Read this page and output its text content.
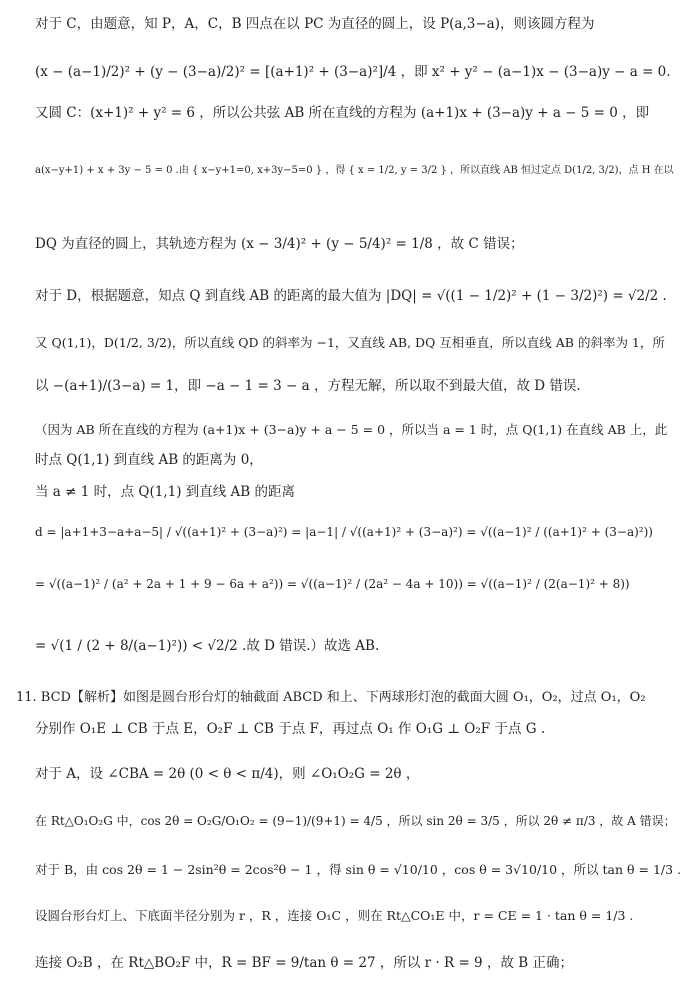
对于 C，由题意，知 P，A，C，B 四点在以 PC 为直径的圆上，设 P(a,3−a)，则该圆方程为
(x − (a−1)/2)² + (y − (3−a)/2)² = [(a+1)² + (3−a)²]/4 ，即 x² + y² − (a−1)x − (3−a)y − a = 0.
又圆 C：(x+1)² + y² = 6 ，所以公共弦 AB 所在直线的方程为 (a+1)x + (3−a)y + a − 5 = 0 ，即
a(x−y+1) + x + 3y − 5 = 0 .由 { x−y+1=0, x+3y−5=0 } ，得 { x = 1/2, y = 3/2 } ，所以直线 AB 恒过定点 D(1/2, 3/2)，点 H 在以
DQ 为直径的圆上，其轨迹方程为 (x − 3/4)² + (y − 5/4)² = 1/8 ，故 C 错误；
对于 D，根据题意，知点 Q 到直线 AB 的距离的最大值为 |DQ| = √((1 − 1/2)² + (1 − 3/2)²) = √2/2 .
又 Q(1,1)，D(1/2, 3/2)，所以直线 QD 的斜率为 −1，又直线 AB, DQ 互相垂直，所以直线 AB 的斜率为 1，所
以 −(a+1)/(3−a) = 1，即 −a − 1 = 3 − a ，方程无解，所以取不到最大值，故 D 错误.
（因为 AB 所在直线的方程为 (a+1)x + (3−a)y + a − 5 = 0 ，所以当 a = 1 时，点 Q(1,1) 在直线 AB 上，此
时点 Q(1,1) 到直线 AB 的距离为 0，
当 a ≠ 1 时，点 Q(1,1) 到直线 AB 的距离
d = |a+1+3−a+a−5| / √((a+1)² + (3−a)²) = |a−1| / √((a+1)² + (3−a)²) = √((a−1)² / ((a+1)² + (3−a)²))
= √((a−1)² / (a² + 2a + 1 + 9 − 6a + a²)) = √((a−1)² / (2a² − 4a + 10)) = √((a−1)² / (2(a−1)² + 8))
= √(1 / (2 + 8/(a−1)²)) < √2/2 .故 D 错误.）故选 AB.
11. BCD【解析】如图是圆台形台灯的轴截面 ABCD 和上、下两球形灯泡的截面大圆 O₁，O₂，过点 O₁，O₂
分别作 O₁E ⊥ CB 于点 E，O₂F ⊥ CB 于点 F，再过点 O₁ 作 O₁G ⊥ O₂F 于点 G .
对于 A，设 ∠CBA = 2θ (0 < θ < π/4)，则 ∠O₁O₂G = 2θ ，
在 Rt△O₁O₂G 中，cos 2θ = O₂G/O₁O₂ = (9−1)/(9+1) = 4/5 ，所以 sin 2θ = 3/5 ，所以 2θ ≠ π/3 ，故 A 错误；
对于 B，由 cos 2θ = 1 − 2sin²θ = 2cos²θ − 1 ，得 sin θ = √10/10 ，cos θ = 3√10/10 ，所以 tan θ = 1/3 .
设圆台形台灯上、下底面半径分别为 r ，R ，连接 O₁C ，则在 Rt△CO₁E 中，r = CE = 1 · tan θ = 1/3 .
连接 O₂B ，在 Rt△BO₂F 中，R = BF = 9/tan θ = 27 ，所以 r · R = 9 ，故 B 正确；
